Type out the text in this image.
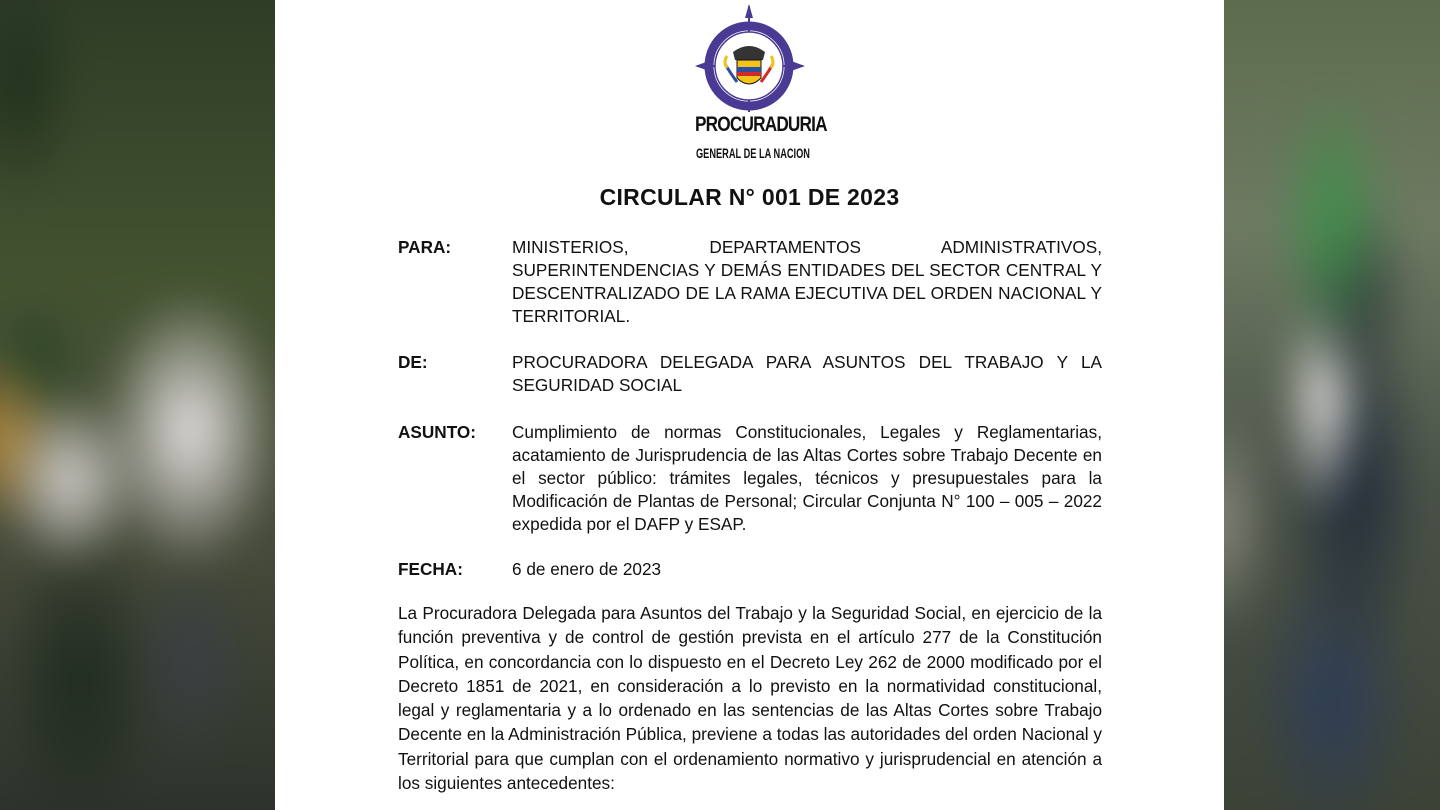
PROCURADURIA
GENERAL DE LA NACION
CIRCULAR N° 001 DE 2023
PARA:	MINISTERIOS, DEPARTAMENTOS ADMINISTRATIVOS, SUPERINTENDENCIAS Y DEMÁS ENTIDADES DEL SECTOR CENTRAL Y DESCENTRALIZADO DE LA RAMA EJECUTIVA DEL ORDEN NACIONAL Y TERRITORIAL.
DE:	PROCURADORA DELEGADA PARA ASUNTOS DEL TRABAJO Y LA SEGURIDAD SOCIAL
ASUNTO: Cumplimiento de normas Constitucionales, Legales y Reglamentarias, acatamiento de Jurisprudencia de las Altas Cortes sobre Trabajo Decente en el sector público: trámites legales, técnicos y presupuestales para la Modificación de Plantas de Personal; Circular Conjunta N° 100 – 005 – 2022 expedida por el DAFP y ESAP.
FECHA:	6 de enero de 2023
La Procuradora Delegada para Asuntos del Trabajo y la Seguridad Social, en ejercicio de la función preventiva y de control de gestión prevista en el artículo 277 de la Constitución Política, en concordancia con lo dispuesto en el Decreto Ley 262 de 2000 modificado por el Decreto 1851 de 2021, en consideración a lo previsto en la normatividad constitucional, legal y reglamentaria y a lo ordenado en las sentencias de las Altas Cortes sobre Trabajo Decente en la Administración Pública, previene a todas las autoridades del orden Nacional y Territorial para que cumplan con el ordenamiento normativo y jurisprudencial en atención a los siguientes antecedentes:
